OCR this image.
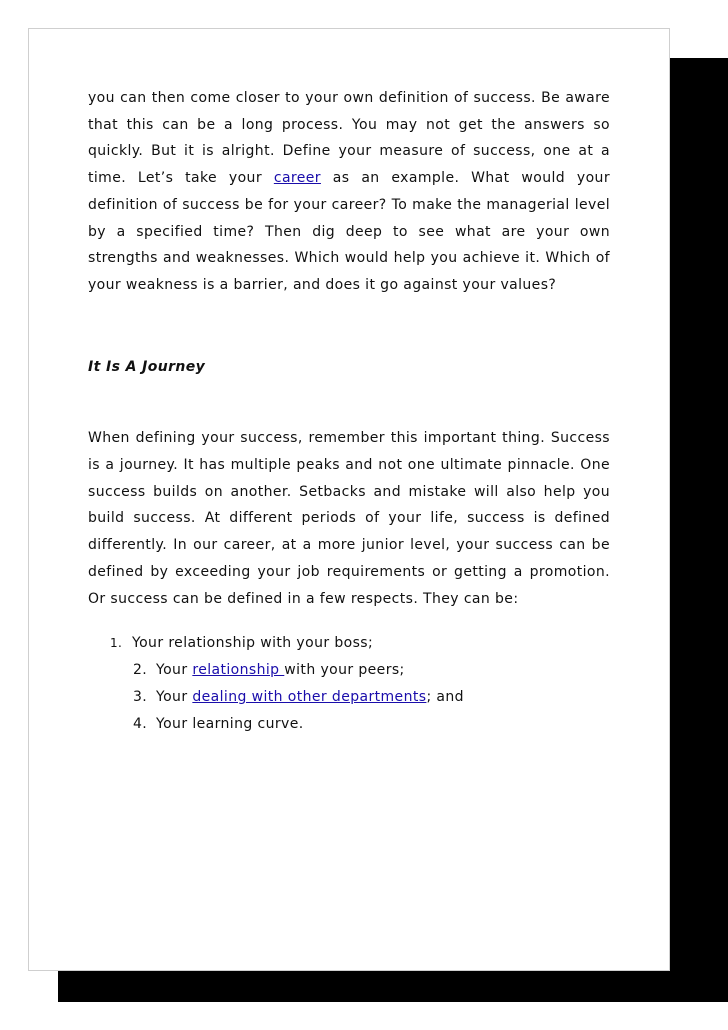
you can then come closer to your own definition of success. Be aware that this can be a long process. You may not get the answers so quickly. But it is alright. Define your measure of success, one at a time. Let’s take your career as an example. What would your definition of success be for your career? To make the managerial level by a specified time? Then dig deep to see what are your own strengths and weaknesses. Which would help you achieve it. Which of your weakness is a barrier, and does it go against your values?

It Is A Journey

When defining your success, remember this important thing. Success is a journey. It has multiple peaks and not one ultimate pinnacle. One success builds on another. Setbacks and mistake will also help you build success. At different periods of your life, success is defined differently. In our career, at a more junior level, your success can be defined by exceeding your job requirements or getting a promotion. Or success can be defined in a few respects. They can be:

1. Your relationship with your boss;
2. Your relationship with your peers;
3. Your dealing with other departments; and
4. Your learning curve.
